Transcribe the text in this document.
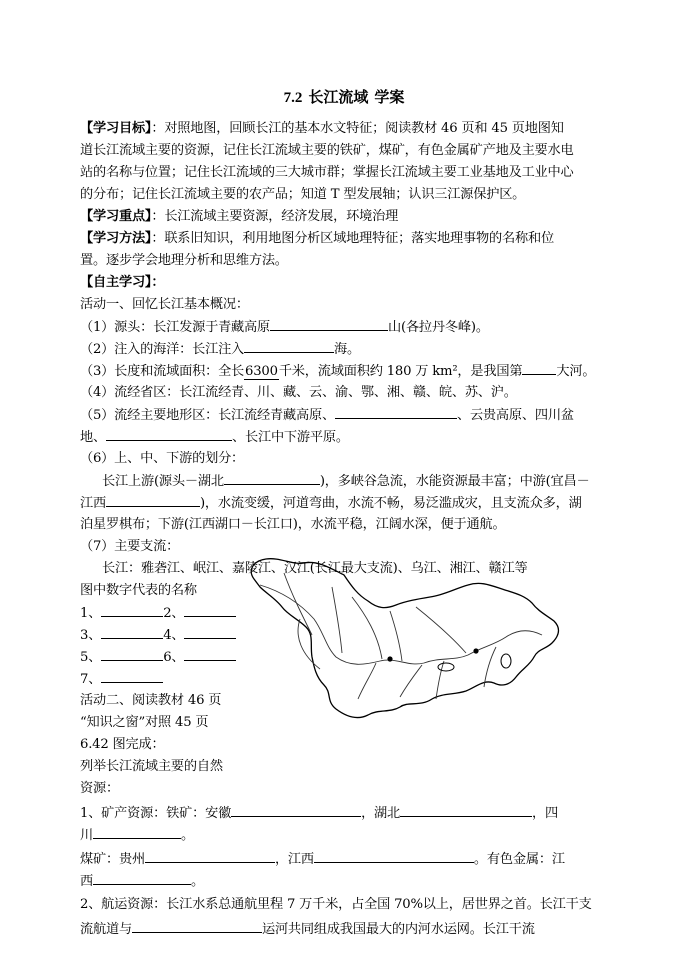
7.2 长江流域 学案
【学习目标】：对照地图，回顾长江的基本水文特征；阅读教材 46 页和 45 页地图知
道长江流域主要的资源，记住长江流域主要的铁矿，煤矿，有色金属矿产地及主要水电
站的名称与位置；记住长江流域的三大城市群；掌握长江流域主要工业基地及工业中心
的分布；记住长江流域主要的农产品；知道 T 型发展轴；认识三江源保护区。
【学习重点】：长江流域主要资源，经济发展，环境治理
【学习方法】：联系旧知识，利用地图分析区域地理特征；落实地理事物的名称和位
置。逐步学会地理分析和思维方法。
【自主学习】：
活动一、回忆长江基本概况：
（1）源头：长江发源于青藏高原	山(各拉丹冬峰)。
（2）注入的海洋：长江注入	海。
（3）长度和流域面积：全长6300千米，流域面积约 180 万 km²，是我国第	大河。
（4）流经省区：长江流经青、川、藏、云、渝、鄂、湘、赣、皖、苏、沪。
（5）流经主要地形区：长江流经青藏高原、	、云贵高原、四川盆
地、	、长江中下游平原。
（6）上、中、下游的划分：
长江上游(源头－湖北	)，多峡谷急流，水能资源最丰富；中游(宜昌－
江西	)，水流变缓，河道弯曲，水流不畅，易泛滥成灾，且支流众多，湖
泊星罗棋布；下游(江西湖口－长江口)，水流平稳，江阔水深，便于通航。
（7）主要支流：
长江：雅砻江、岷江、嘉陵江、汉江(长江最大支流)、乌江、湘江、赣江等
图中数字代表的名称
1、	2、
3、	4、
5、	6、
7、
活动二、阅读教材 46 页
“知识之窗”对照 45 页
6.42 图完成：
列举长江流域主要的自然
资源：
1、矿产资源：铁矿：安徽	，湖北	，四
川	。
煤矿：贵州	，江西	。有色金属：江
西	。
2、航运资源：长江水系总通航里程 7 万千米，占全国 70%以上，居世界之首。长江干支
流航道与	运河共同组成我国最大的内河水运网。长江干流
